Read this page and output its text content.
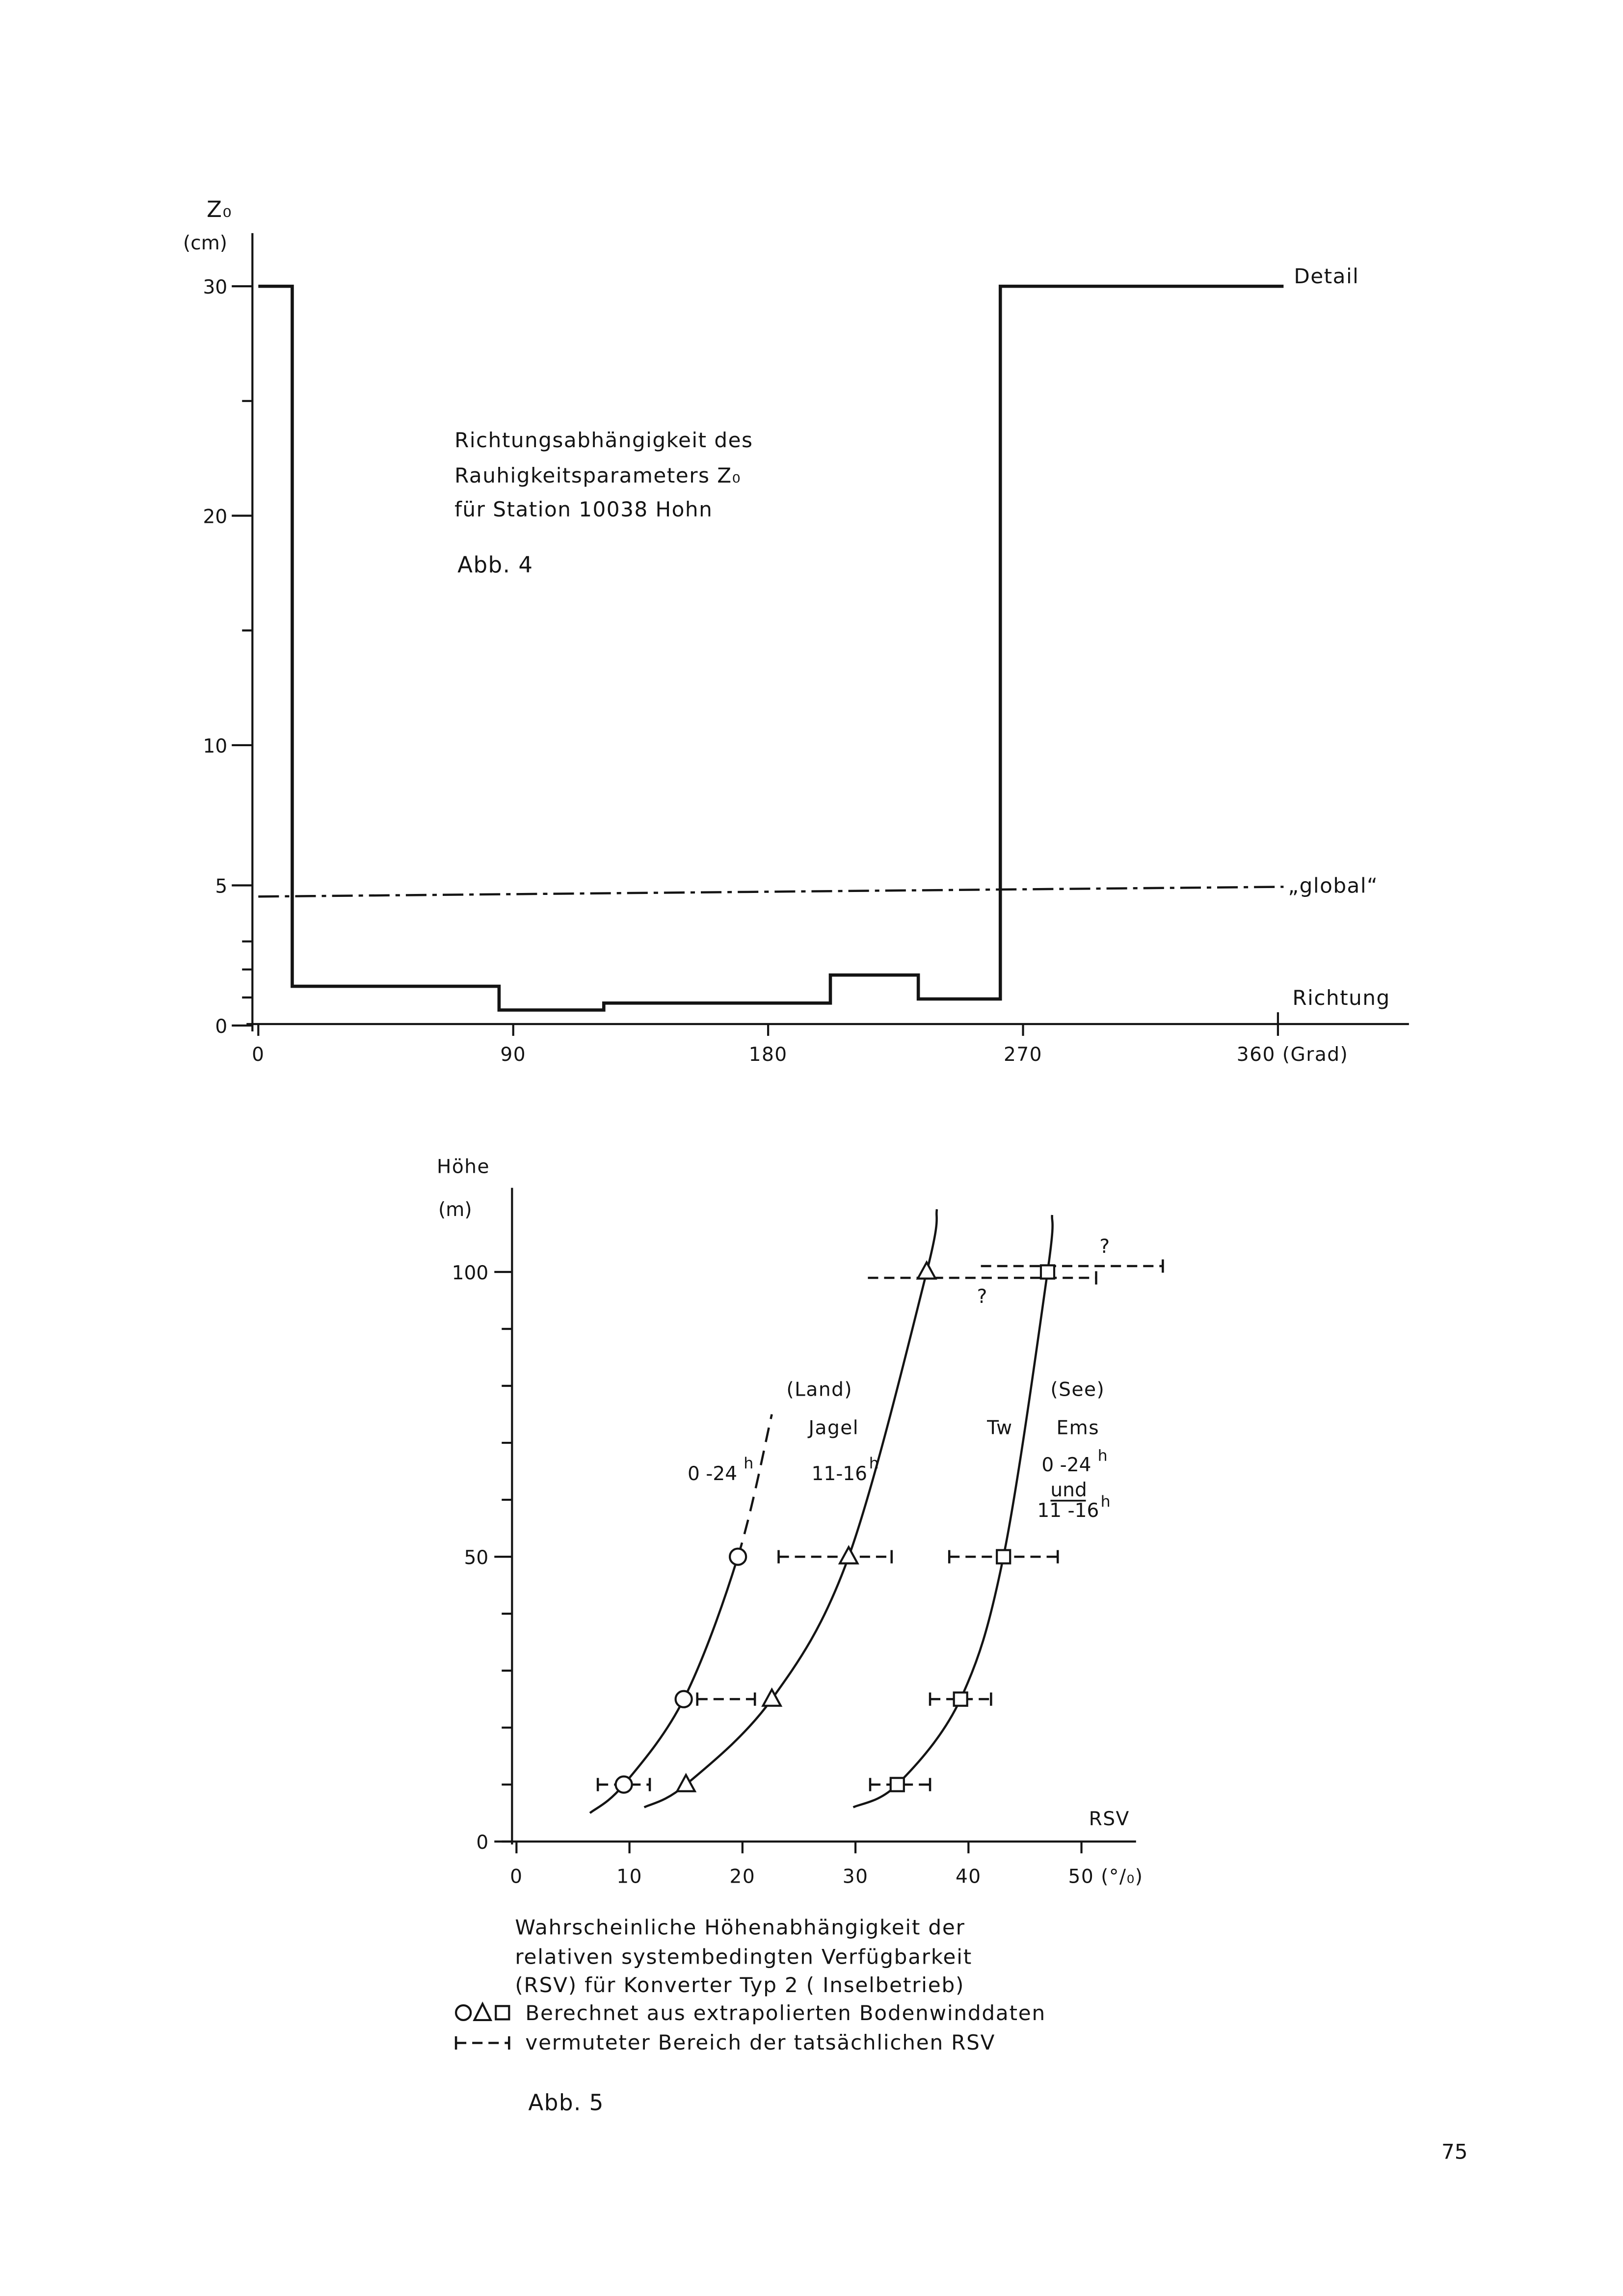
0	90	180	270	360 (Grad)
0
5
10
20
30
Z₀
(cm)
Richtung
Detail
„global“
Richtungsabhängigkeit des
Rauhigkeitsparameters Z₀
für Station 10038 Hohn
Abb. 4
0
50
100
0	10	20	30	40	50 (°/₀)
?
?
Höhe
(m)
RSV
(Land)
Jagel
0 -24 h	11-16 h
(See)
Tw	Ems
0 -24 h
und
11 -16 h
Wahrscheinliche Höhenabhängigkeit der
relativen systembedingten Verfügbarkeit
(RSV) für Konverter Typ 2 ( Inselbetrieb)
Berechnet aus extrapolierten Bodenwinddaten
vermuteter Bereich der tatsächlichen RSV
Abb. 5
75
